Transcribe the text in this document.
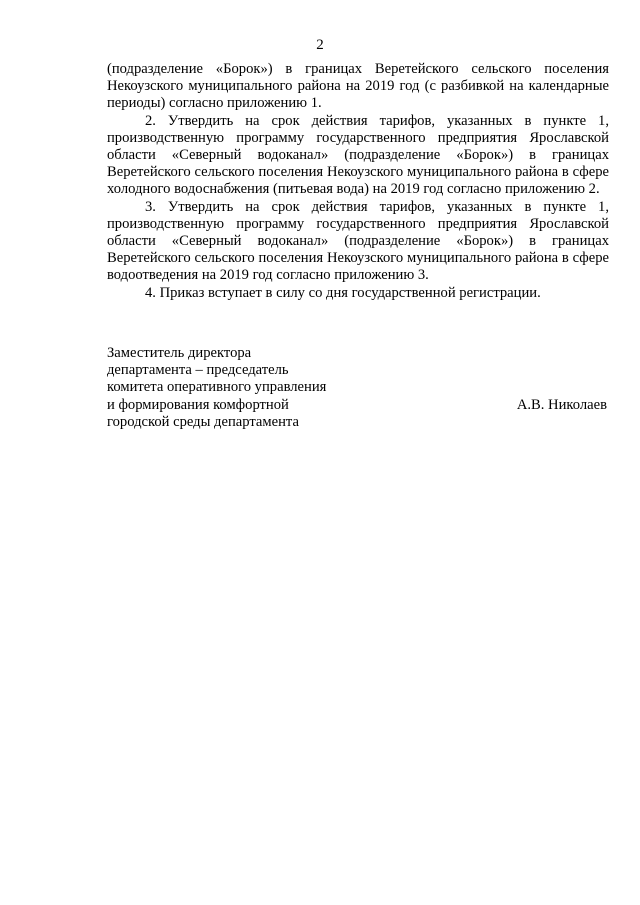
2

(подразделение «Борок») в границах Веретейского сельского поселения Некоузского муниципального района на 2019 год (с разбивкой на календарные периоды) согласно приложению 1.

2. Утвердить на срок действия тарифов, указанных в пункте 1, производственную программу государственного предприятия Ярославской области «Северный водоканал» (подразделение «Борок») в границах Веретейского сельского поселения Некоузского муниципального района в сфере холодного водоснабжения (питьевая вода) на 2019 год согласно приложению 2.

3. Утвердить на срок действия тарифов, указанных в пункте 1, производственную программу государственного предприятия Ярославской области «Северный водоканал» (подразделение «Борок») в границах Веретейского сельского поселения Некоузского муниципального района в сфере водоотведения на 2019 год согласно приложению 3.

4. Приказ вступает в силу со дня государственной регистрации.

Заместитель директора
департамента – председатель
комитета оперативного управления
и формирования комфортной
городской среды департамента
А.В. Николаев
